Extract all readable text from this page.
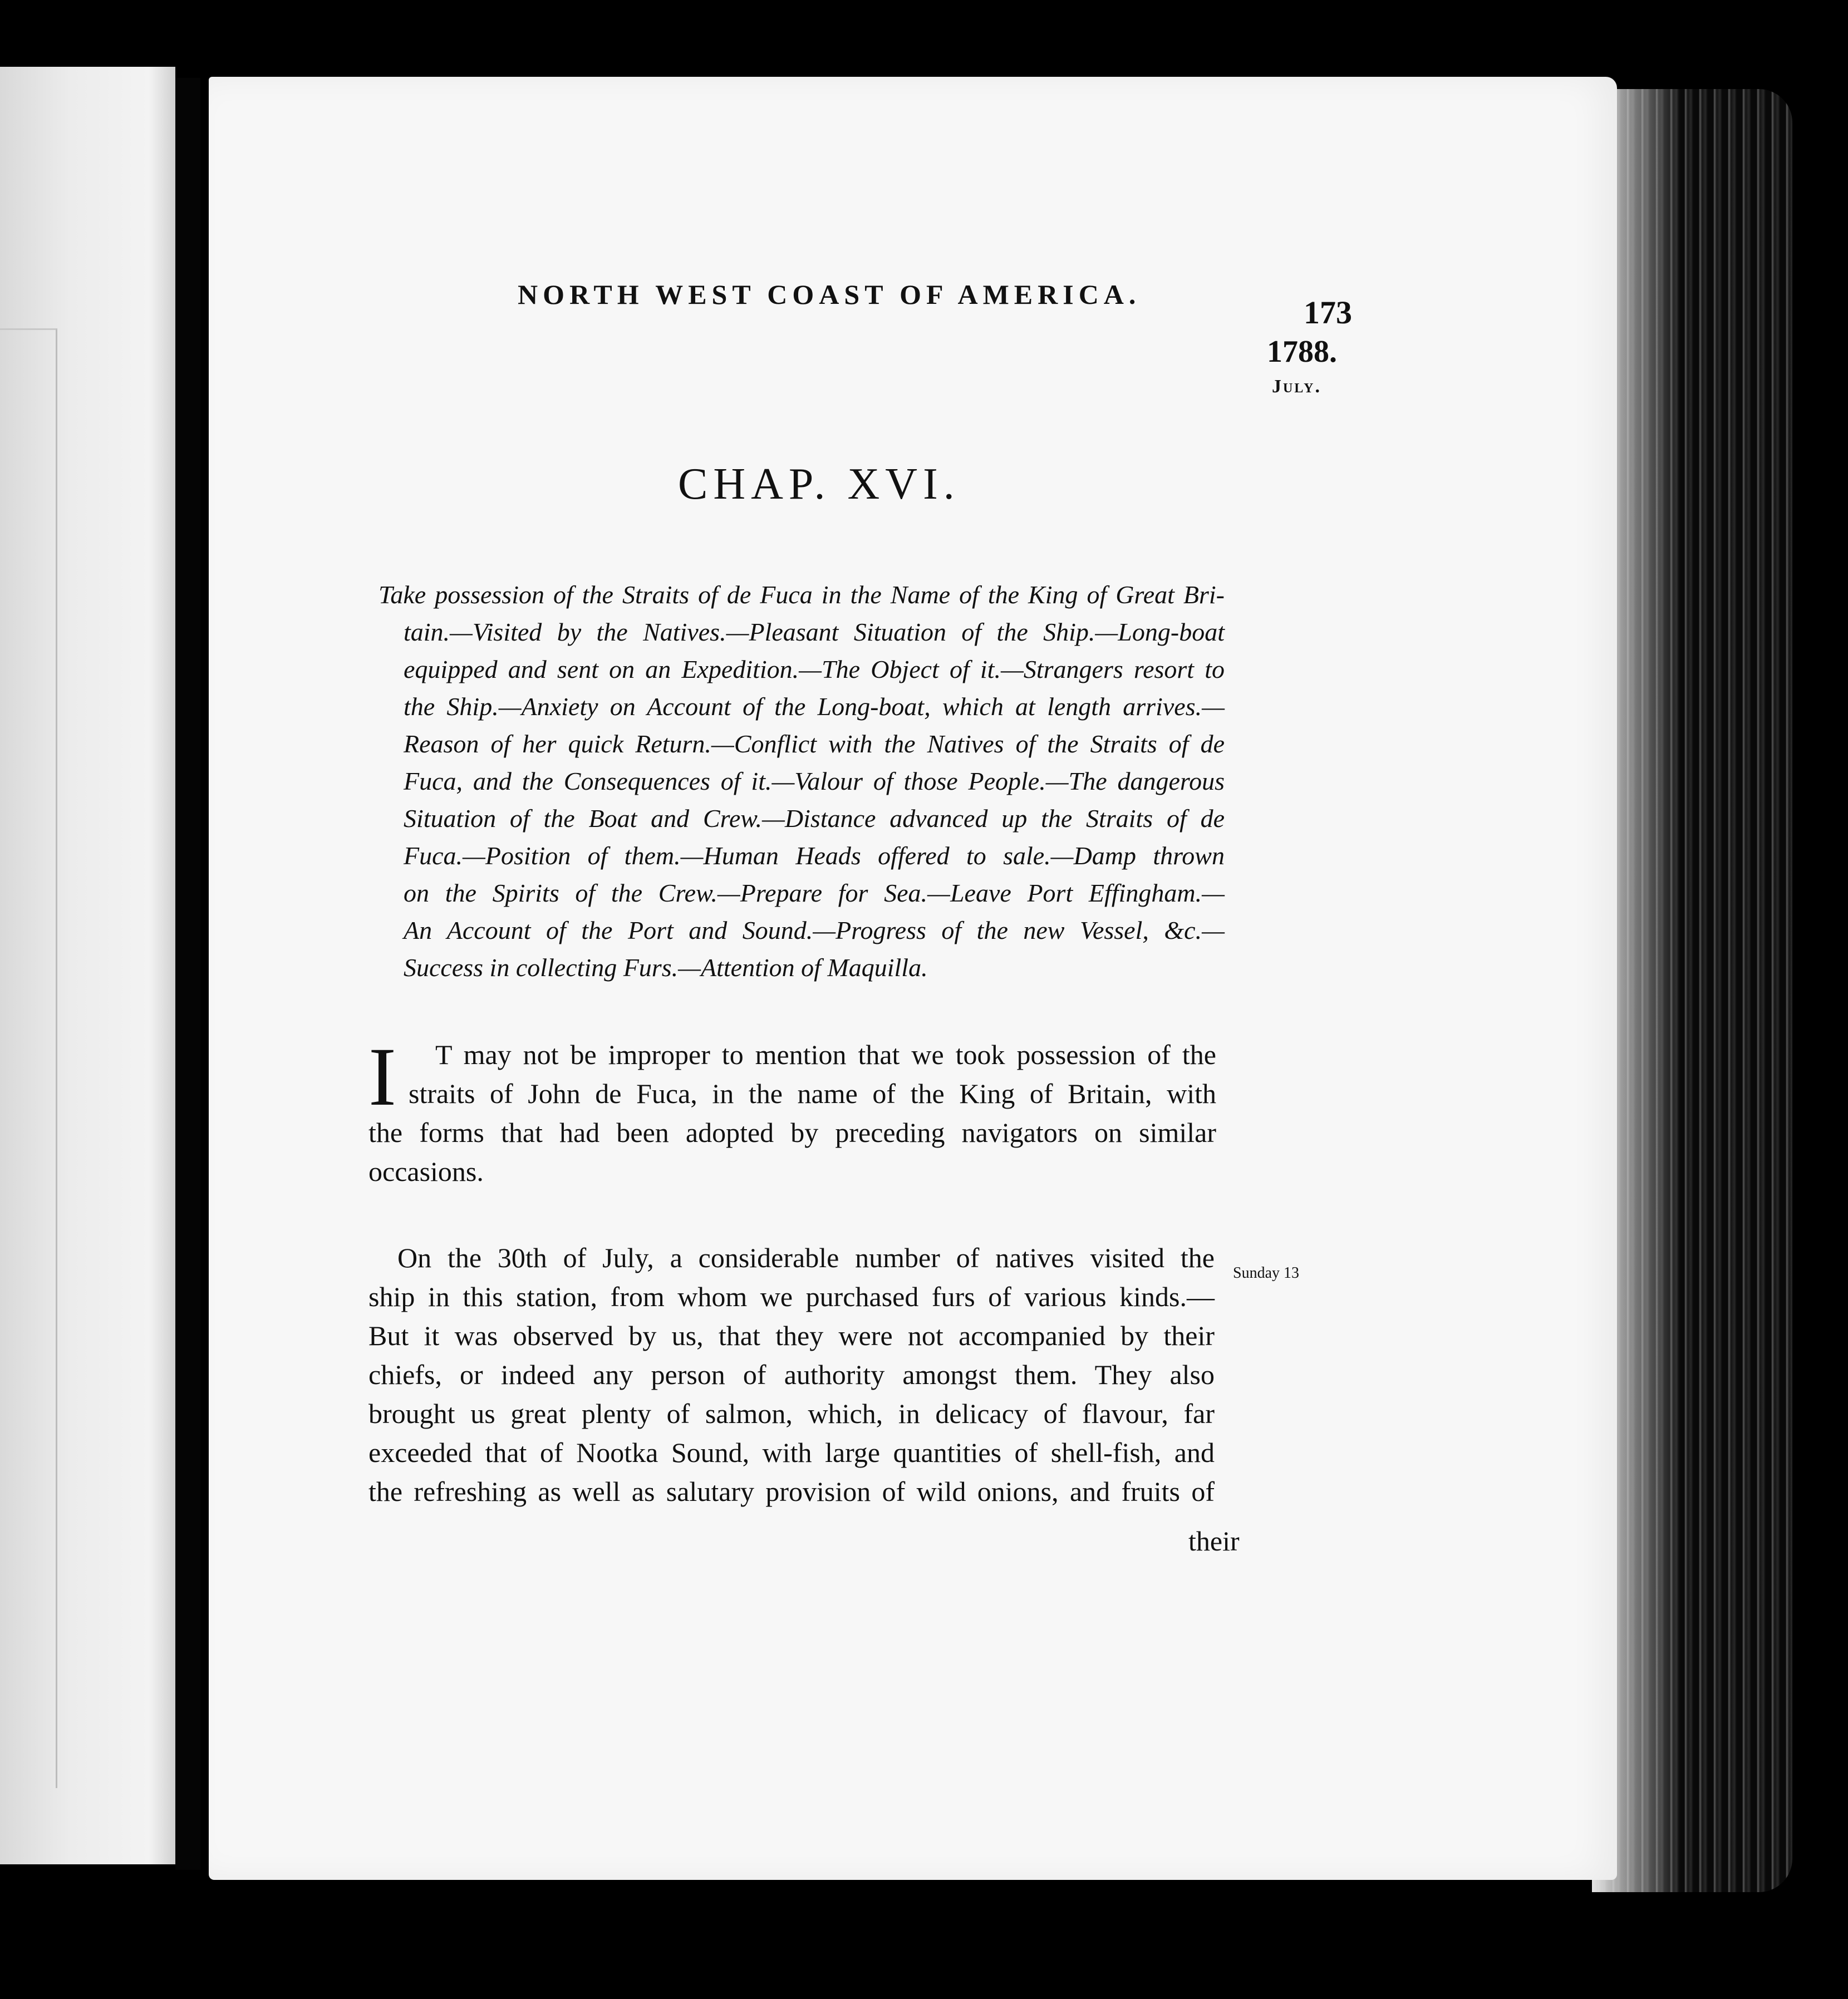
NORTH WEST COAST OF AMERICA.	173
1788.
July.
CHAP. XVI.
Take possession of the Straits of de Fuca in the Name of the King of Great Bri-
tain.—Visited by the Natives.—Pleasant Situation of the Ship.—Long-boat
equipped and sent on an Expedition.—The Object of it.—Strangers resort to
the Ship.—Anxiety on Account of the Long-boat, which at length arrives.—
Reason of her quick Return.—Conflict with the Natives of the Straits of de
Fuca, and the Consequences of it.—Valour of those People.—The dangerous
Situation of the Boat and Crew.—Distance advanced up the Straits of de
Fuca.—Position of them.—Human Heads offered to sale.—Damp thrown
on the Spirits of the Crew.—Prepare for Sea.—Leave Port Effingham.—
An Account of the Port and Sound.—Progress of the new Vessel, &c.—
Success in collecting Furs.—Attention of Maquilla.
I	T may not be improper to mention that we took possession of the
straits of John de Fuca, in the name of the King of Britain, with
the forms that had been adopted by preceding navigators on similar
occasions.
On the 30th of July, a considerable number of natives visited the
ship in this station, from whom we purchased furs of various kinds.—
But it was observed by us, that they were not accompanied by their
chiefs, or indeed any person of authority amongst them. They also
brought us great plenty of salmon, which, in delicacy of flavour, far
exceeded that of Nootka Sound, with large quantities of shell-fish, and
the refreshing as well as salutary provision of wild onions, and fruits of
Sunday 13
their
